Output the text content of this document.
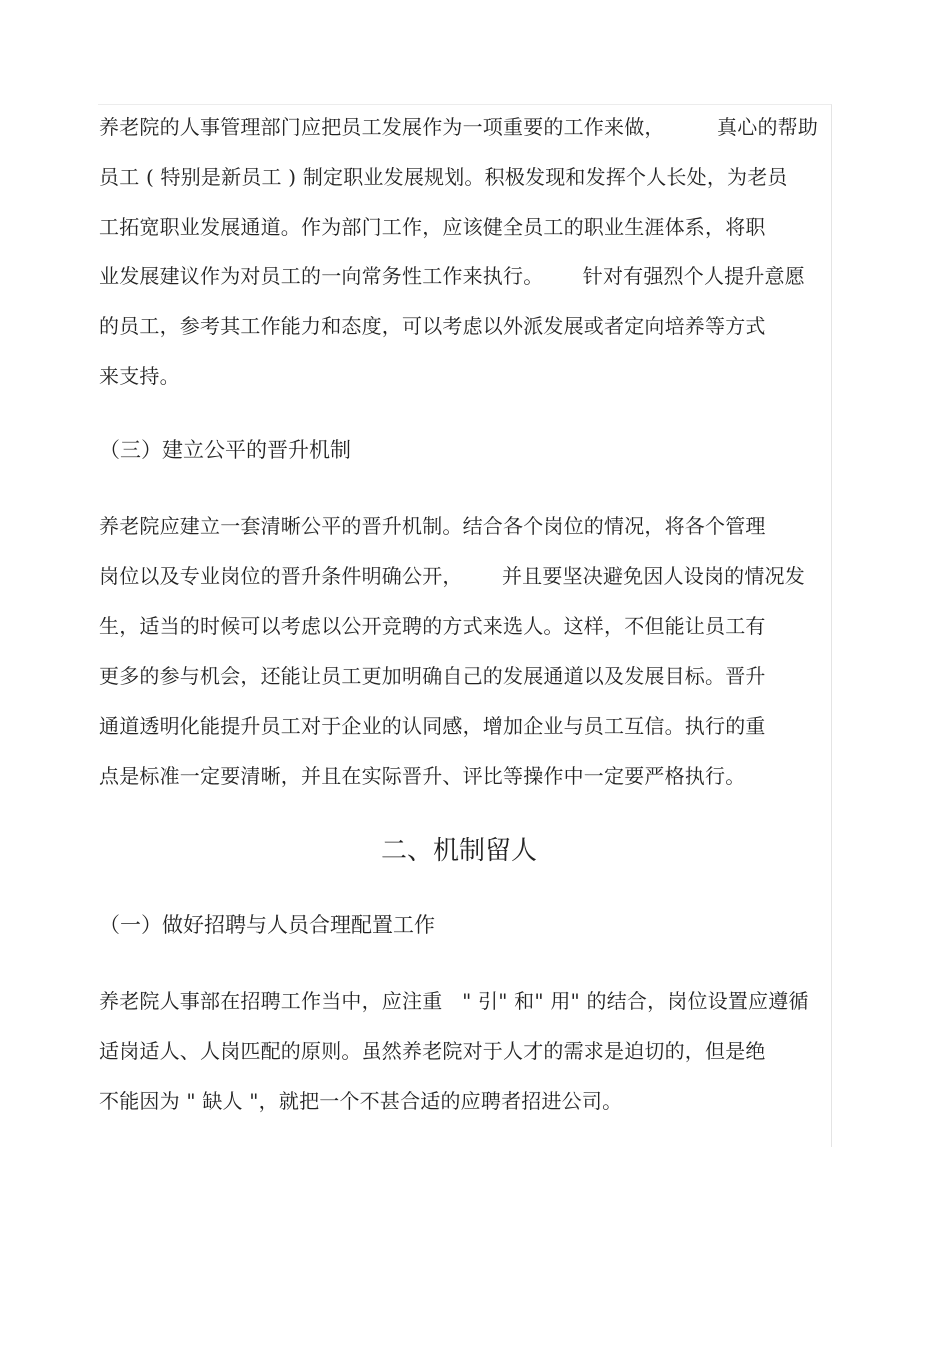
养老院的人事管理部门应把员工发展作为一项重要的工作来做，        真心的帮助
员工 ( 特别是新员工 ) 制定职业发展规划。积极发现和发挥个人长处，为老员
工拓宽职业发展通道。作为部门工作，应该健全员工的职业生涯体系，将职
业发展建议作为对员工的一向常务性工作来执行。      针对有强烈个人提升意愿
的员工，参考其工作能力和态度，可以考虑以外派发展或者定向培养等方式
来支持。
（三）建立公平的晋升机制
养老院应建立一套清晰公平的晋升机制。结合各个岗位的情况，将各个管理
岗位以及专业岗位的晋升条件明确公开，      并且要坚决避免因人设岗的情况发
生，适当的时候可以考虑以公开竞聘的方式来选人。这样，不但能让员工有
更多的参与机会，还能让员工更加明确自己的发展通道以及发展目标。晋升
通道透明化能提升员工对于企业的认同感，增加企业与员工互信。执行的重
点是标准一定要清晰，并且在实际晋升、评比等操作中一定要严格执行。
二、机制留人
（一）做好招聘与人员合理配置工作
养老院人事部在招聘工作当中，应注重   " 引" 和" 用" 的结合，岗位设置应遵循
适岗适人、人岗匹配的原则。虽然养老院对于人才的需求是迫切的，但是绝
不能因为 " 缺人 "，就把一个不甚合适的应聘者招进公司。
